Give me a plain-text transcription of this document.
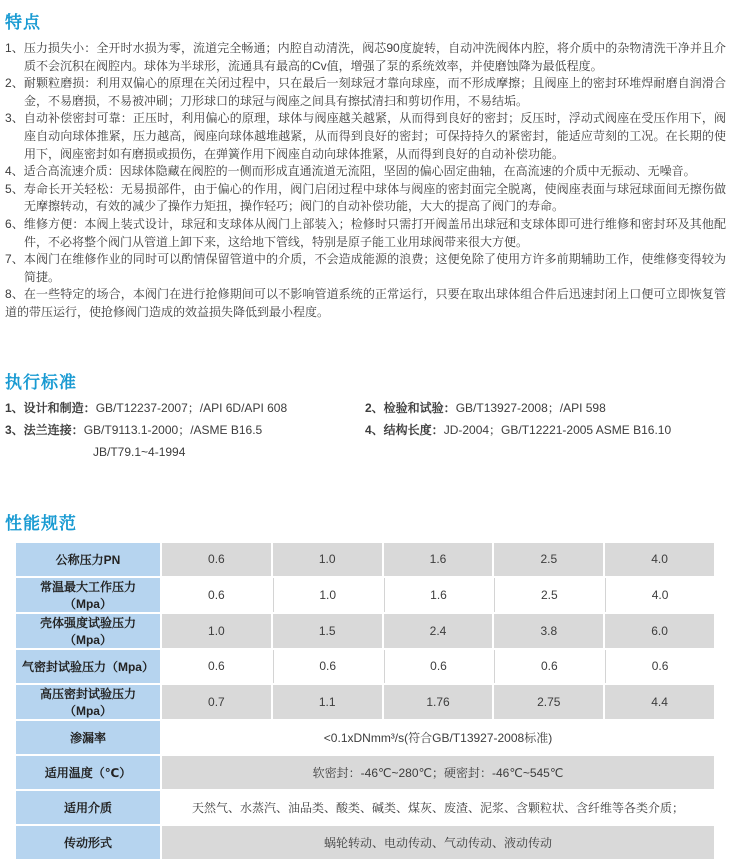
特点

1、压力损失小：全开时水损为零，流道完全畅通；内腔自动清洗，阀芯90度旋转，自动冲洗阀体内腔，将介质中的杂物清洗干净并且介质不会沉积在阀腔内。球体为半球形，流通具有最高的Cv值，增强了泵的系统效率，并使磨蚀降为最低程度。

2、耐颗粒磨损：利用双偏心的原理在关闭过程中，只在最后一刻球冠才靠向球座，而不形成摩擦；且阀座上的密封环堆焊耐磨自润滑合金，不易磨损，不易被冲刷；刀形球口的球冠与阀座之间具有擦拭清扫和剪切作用，不易结垢。

3、自动补偿密封可靠：正压时，利用偏心的原理，球体与阀座越关越紧，从而得到良好的密封；反压时，浮动式阀座在受压作用下，阀座自动向球体推紧，压力越高，阀座向球体越堆越紧，从而得到良好的密封；可保持持久的紧密封，能适应苛刻的工况。在长期的使用下，阀座密封如有磨损或损伤，在弹簧作用下阀座自动向球体推紧，从而得到良好的自动补偿功能。

4、适合高流速介质：因球体隐藏在阀腔的一侧而形成直通流道无流阻，坚固的偏心固定曲轴，在高流速的介质中无振动、无噪音。

5、寿命长开关轻松：无易损部件，由于偏心的作用，阀门启闭过程中球体与阀座的密封面完全脱离，使阀座表面与球冠球面间无擦伤做无摩擦转动，有效的减少了操作力矩扭，操作轻巧；阀门的自动补偿功能，大大的提高了阀门的寿命。

6、维修方便：本阀上装式设计，球冠和支球体从阀门上部装入；检修时只需打开阀盖吊出球冠和支球体即可进行维修和密封环及其他配件，不必将整个阀门从管道上卸下来，这给地下管线，特别是原子能工业用球阀带来很大方便。

7、本阀门在维修作业的同时可以酌情保留管道中的介质，不会造成能源的浪费；这便免除了使用方许多前期辅助工作，使维修变得较为简捷。

8、在一些特定的场合，本阀门在进行抢修期间可以不影响管道系统的正常运行，只要在取出球体组合件后迅速封闭上口便可立即恢复管道的带压运行，使抢修阀门造成的效益损失降低到最小程度。

执行标准

1、设计和制造：GB/T12237-2007；/API 6D/API 608

3、法兰连接：GB/T9113.1-2000；/ASME B16.5

JB/T79.1~4-1994

2、检验和试验：GB/T13927-2008；/API 598

4、结构长度：JD-2004；GB/T12221-2005 ASME B16.10

性能规范
公称压力PN	0.6	1.0	1.6	2.5	4.0
常温最大工作压力（Mpa）	0.6	1.0	1.6	2.5	4.0
壳体强度试验压力（Mpa）	1.0	1.5	2.4	3.8	6.0
气密封试验压力（Mpa）	0.6	0.6	0.6	0.6	0.6
高压密封试验压力（Mpa）	0.7	1.1	1.76	2.75	4.4
渗漏率	<0.1xDNmm³/s(符合GB/T13927-2008标准)				
适用温度（℃）	软密封：-46℃~280℃；硬密封：-46℃~545℃				
适用介质	天然气、水蒸汽、油品类、酸类、碱类、煤灰、废渣、泥浆、含颗粒状、含纤维等各类介质；				
传动形式	蜗轮转动、电动传动、气动传动、液动传动				
